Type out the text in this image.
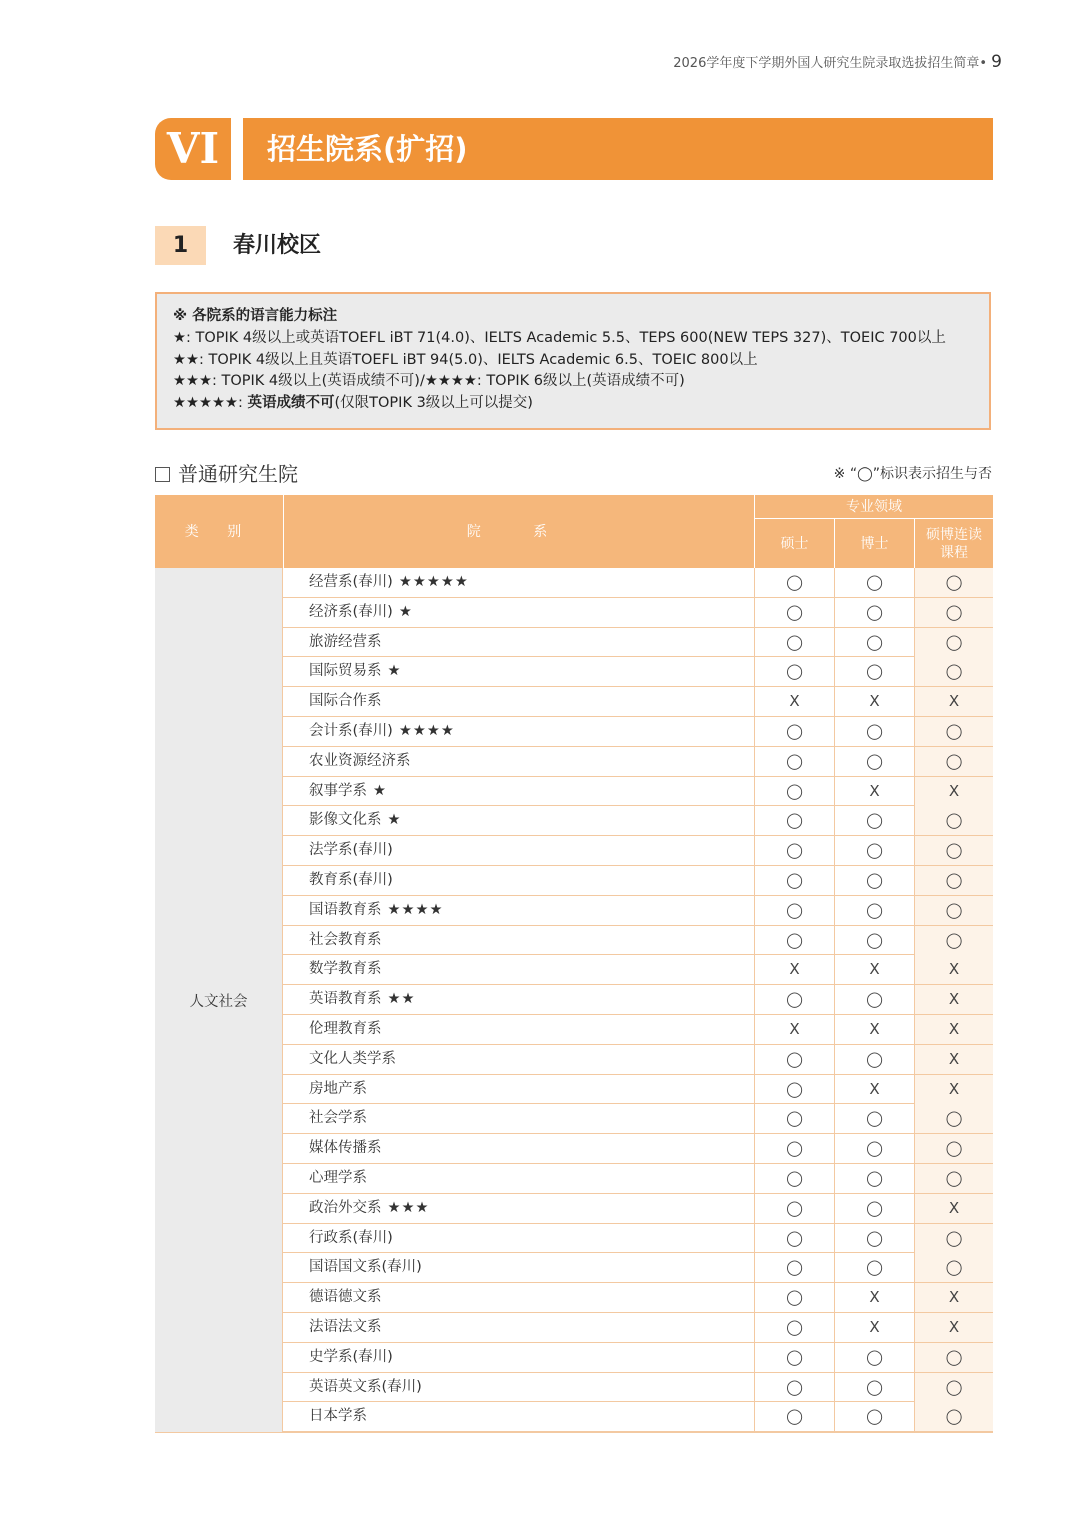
2026学年度下学期外国人研究生院录取选拔招生简章• 9
VI	招生院系(扩招)
1	春川校区
※ 各院系的语言能力标注
★: TOPIK 4级以上或英语TOEFL iBT 71(4.0)、IELTS Academic 5.5、TEPS 600(NEW TEPS 327)、TOEIC 700以上
★★: TOPIK 4级以上且英语TOEFL iBT 94(5.0)、IELTS Academic 6.5、TOEIC 800以上
★★★: TOPIK 4级以上(英语成绩不可)/★★★★: TOPIK 6级以上(英语成绩不可)
★★★★★: 英语成绩不可(仅限TOPIK 3级以上可以提交)
普通研究生院	※ “◯”标识表示招生与否
类 别	院 系
专业领域
硕士	博士
硕博连读课程
人文社会
经营系(春川) ★★★★★	◯	◯	◯
经济系(春川) ★	◯	◯	◯
旅游经营系	◯	◯	◯
国际贸易系 ★	◯	◯	◯
国际合作系	X	X	X
会计系(春川) ★★★★	◯	◯	◯
农业资源经济系	◯	◯	◯
叙事学系 ★	◯	X	X
影像文化系 ★	◯	◯	◯
法学系(春川)	◯	◯	◯
教育系(春川)	◯	◯	◯
国语教育系 ★★★★	◯	◯	◯
社会教育系	◯	◯	◯
数学教育系	X	X	X
英语教育系 ★★	◯	◯	X
伦理教育系	X	X	X
文化人类学系	◯	◯	X
房地产系	◯	X	X
社会学系	◯	◯	◯
媒体传播系	◯	◯	◯
心理学系	◯	◯	◯
政治外交系 ★★★	◯	◯	X
行政系(春川)	◯	◯	◯
国语国文系(春川)	◯	◯	◯
德语德文系	◯	X	X
法语法文系	◯	X	X
史学系(春川)	◯	◯	◯
英语英文系(春川)	◯	◯	◯
日本学系	◯	◯	◯
